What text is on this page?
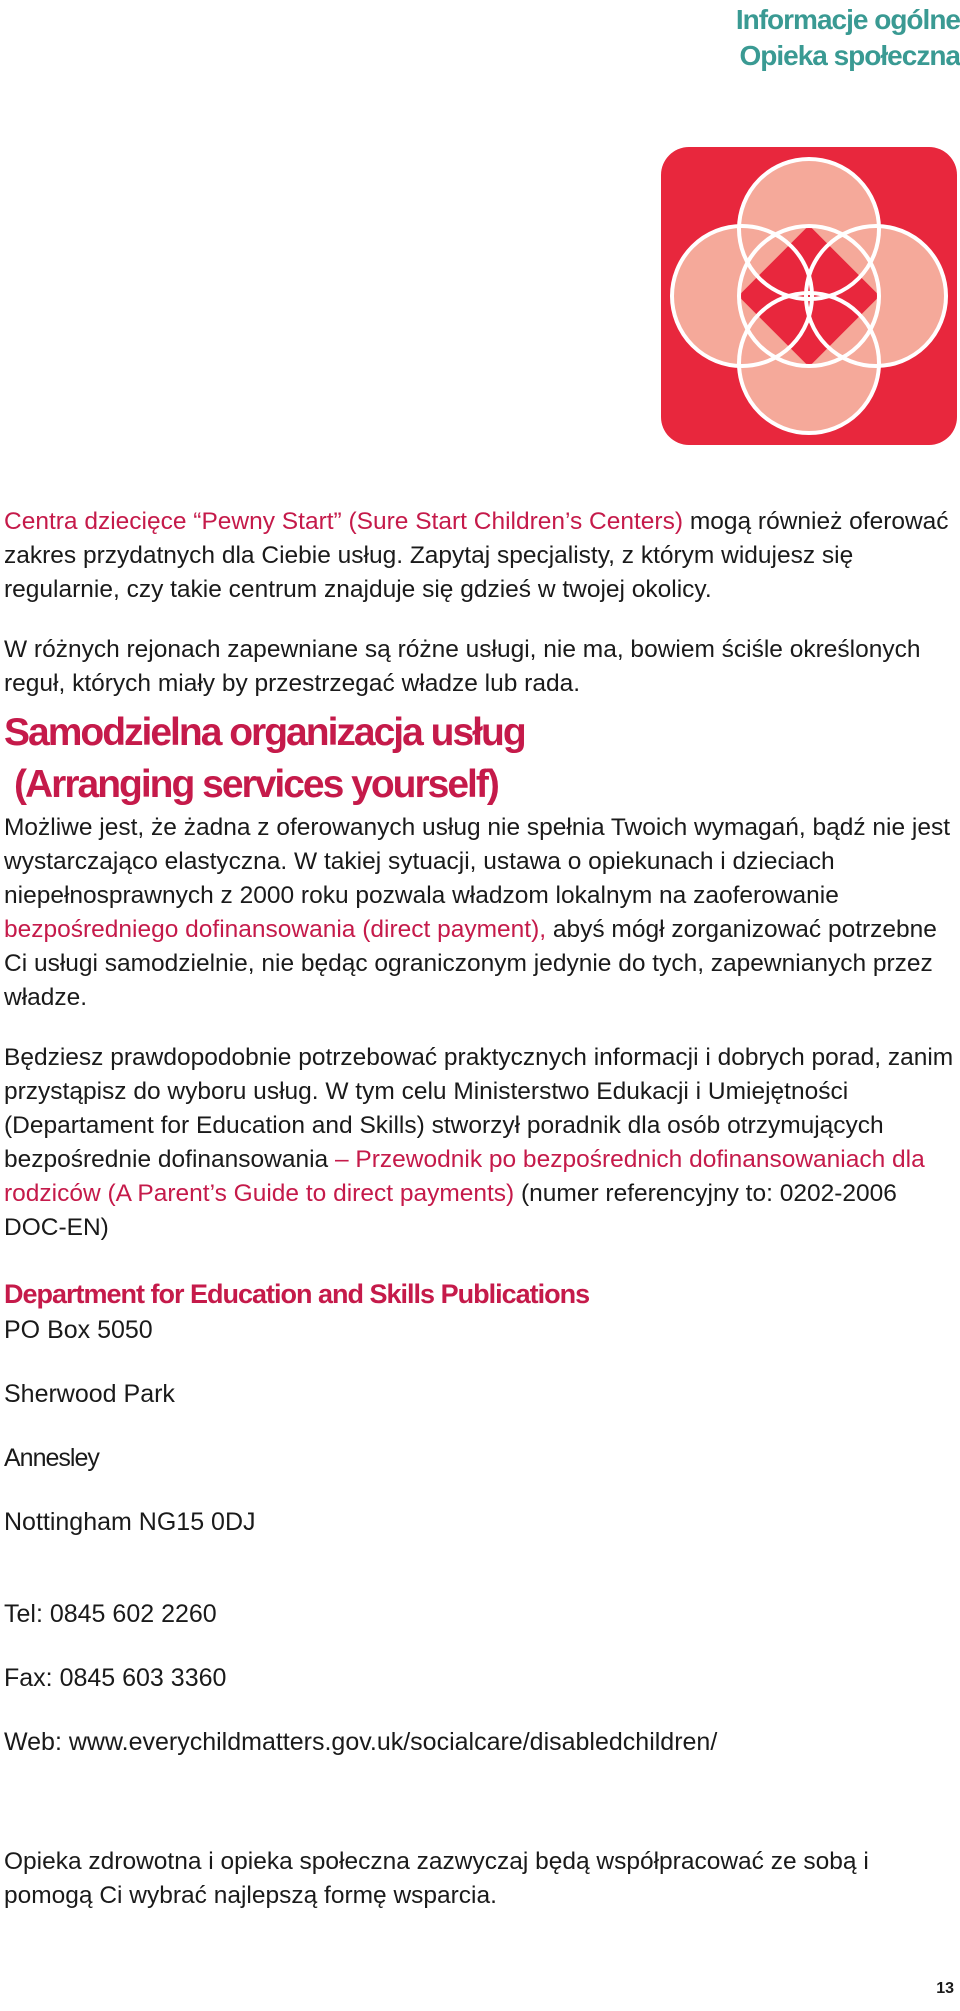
Informacje ogólne
Opieka społeczna

Centra dziecięce “Pewny Start” (Sure Start Children’s Centers) mogą również oferować zakres przydatnych dla Ciebie usług. Zapytaj specjalisty, z którym widujesz się regularnie, czy takie centrum znajduje się gdzieś w twojej okolicy.

W różnych rejonach zapewniane są różne usługi, nie ma, bowiem ściśle określonych reguł, których miały by przestrzegać władze lub rada.

Samodzielna organizacja usług
(Arranging services yourself)

Możliwe jest, że żadna z oferowanych usług nie spełnia Twoich wymagań, bądź nie jest wystarczająco elastyczna. W takiej sytuacji, ustawa o opiekunach i dzieciach niepełnosprawnych z 2000 roku pozwala władzom lokalnym na zaoferowanie bezpośredniego dofinansowania (direct payment), abyś mógł zorganizować potrzebne Ci usługi samodzielnie, nie będąc ograniczonym jedynie do tych, zapewnianych przez władze.

Będziesz prawdopodobnie potrzebować praktycznych informacji i dobrych porad, zanim przystąpisz do wyboru usług. W tym celu Ministerstwo Edukacji i Umiejętności (Departament for Education and Skills) stworzył poradnik dla osób otrzymujących bezpośrednie dofinansowania – Przewodnik po bezpośrednich dofinansowaniach dla rodziców (A Parent’s Guide to direct payments) (numer referencyjny to: 0202-2006 DOC-EN)

Department for Education and Skills Publications

PO Box 5050

Sherwood Park

Annesley

Nottingham NG15 0DJ

Tel: 0845 602 2260

Fax: 0845 603 3360

Web: www.everychildmatters.gov.uk/socialcare/disabledchildren/

Opieka zdrowotna i opieka społeczna zazwyczaj będą współpracować ze sobą i pomogą Ci wybrać najlepszą formę wsparcia.

13
